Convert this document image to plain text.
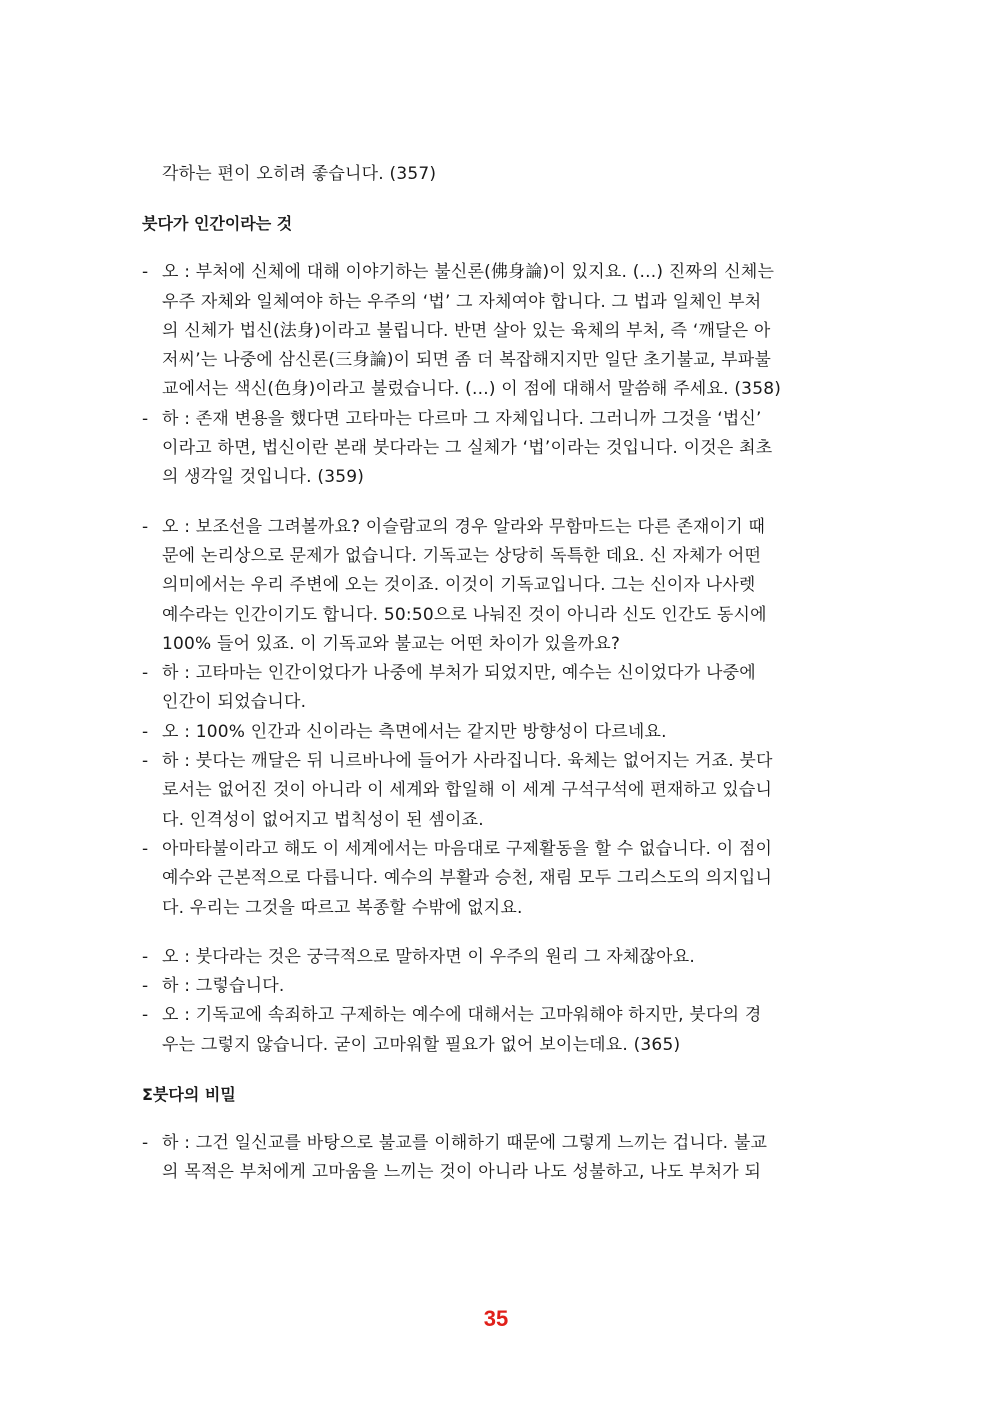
각하는 편이 오히려 좋습니다. (357)
붓다가 인간이라는 것
- 오 : 부처에 신체에 대해 이야기하는 불신론(佛身論)이 있지요. (...) 진짜의 신체는
우주 자체와 일체여야 하는 우주의 ‘법’ 그 자체여야 합니다. 그 법과 일체인 부처
의 신체가 법신(法身)이라고 불립니다. 반면 살아 있는 육체의 부처, 즉 ‘깨달은 아
저씨’는 나중에 삼신론(三身論)이 되면 좀 더 복잡해지지만 일단 초기불교, 부파불
교에서는 색신(色身)이라고 불렀습니다. (...) 이 점에 대해서 말씀해 주세요. (358)
- 하 : 존재 변용을 했다면 고타마는 다르마 그 자체입니다. 그러니까 그것을 ‘법신’
이라고 하면, 법신이란 본래 붓다라는 그 실체가 ‘법’이라는 것입니다. 이것은 최초
의 생각일 것입니다. (359)
- 오 : 보조선을 그려볼까요? 이슬람교의 경우 알라와 무함마드는 다른 존재이기 때
문에 논리상으로 문제가 없습니다. 기독교는 상당히 독특한 데요. 신 자체가 어떤
의미에서는 우리 주변에 오는 것이죠. 이것이 기독교입니다. 그는 신이자 나사렛
예수라는 인간이기도 합니다. 50:50으로 나눠진 것이 아니라 신도 인간도 동시에
100% 들어 있죠. 이 기독교와 불교는 어떤 차이가 있을까요?
- 하 : 고타마는 인간이었다가 나중에 부처가 되었지만, 예수는 신이었다가 나중에
인간이 되었습니다.
- 오 : 100% 인간과 신이라는 측면에서는 같지만 방향성이 다르네요.
- 하 : 붓다는 깨달은 뒤 니르바나에 들어가 사라집니다. 육체는 없어지는 거죠. 붓다
로서는 없어진 것이 아니라 이 세계와 합일해 이 세계 구석구석에 편재하고 있습니
다. 인격성이 없어지고 법칙성이 된 셈이죠.
- 아마타불이라고 해도 이 세계에서는 마음대로 구제활동을 할 수 없습니다. 이 점이
예수와 근본적으로 다릅니다. 예수의 부활과 승천, 재림 모두 그리스도의 의지입니
다. 우리는 그것을 따르고 복종할 수밖에 없지요.
- 오 : 붓다라는 것은 궁극적으로 말하자면 이 우주의 원리 그 자체잖아요.
- 하 : 그렇습니다.
- 오 : 기독교에 속죄하고 구제하는 예수에 대해서는 고마워해야 하지만, 붓다의 경
우는 그렇지 않습니다. 굳이 고마워할 필요가 없어 보이는데요. (365)
Σ붓다의 비밀
- 하 : 그건 일신교를 바탕으로 불교를 이해하기 때문에 그렇게 느끼는 겁니다. 불교
의 목적은 부처에게 고마움을 느끼는 것이 아니라 나도 성불하고, 나도 부처가 되
35
